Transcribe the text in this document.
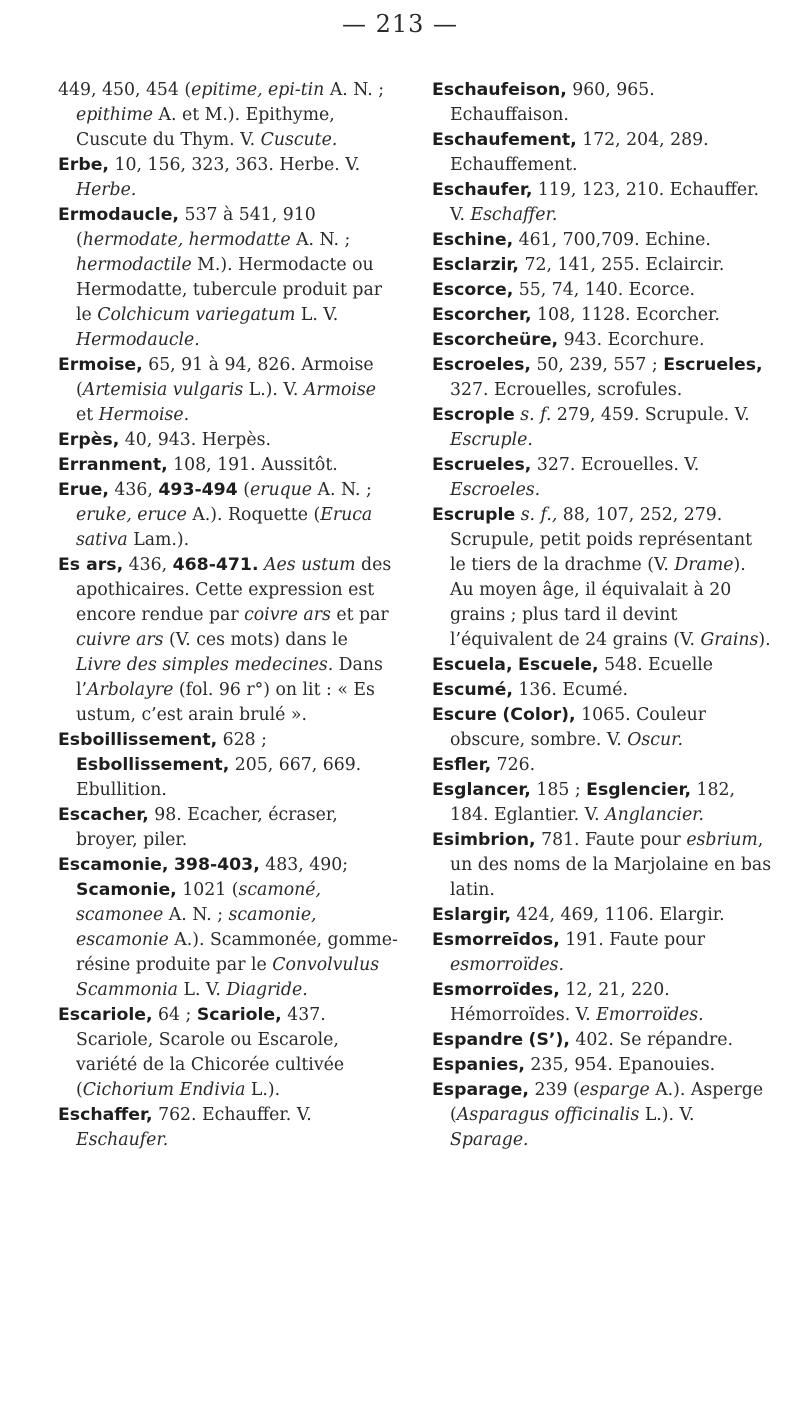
— 213 —

449, 450, 454 (epitime, epi-tin A. N. ; epithime A. et M.). Epithyme, Cuscute du Thym. V. Cuscute.

Erbe, 10, 156, 323, 363. Herbe. V. Herbe.

Ermodaucle, 537 à 541, 910 (hermodate, hermodatte A. N. ; hermodactile M.). Hermodacte ou Hermodatte, tubercule produit par le Colchicum variegatum L. V. Hermodaucle.

Ermoise, 65, 91 à 94, 826. Armoise (Artemisia vulgaris L.). V. Armoise et Hermoise.

Erpès, 40, 943. Herpès.

Erranment, 108, 191. Aussitôt.

Erue, 436, 493-494 (eruque A. N. ; eruke, eruce A.). Roquette (Eruca sativa Lam.).

Es ars, 436, 468-471. Aes ustum des apothicaires. Cette expression est encore rendue par coivre ars et par cuivre ars (V. ces mots) dans le Livre des simples medecines. Dans l’Arbolayre (fol. 96 r°) on lit : « Es ustum, c’est arain brulé ».

Esboillissement, 628 ; Esbollissement, 205, 667, 669. Ebullition.

Escacher, 98. Ecacher, écraser, broyer, piler.

Escamonie, 398-403, 483, 490; Scamonie, 1021 (scamoné, scamonee A. N. ; scamonie, escamonie A.). Scammonée, gomme-résine produite par le Convolvulus Scammonia L. V. Diagride.

Escariole, 64 ; Scariole, 437. Scariole, Scarole ou Escarole, variété de la Chicorée cultivée (Cichorium Endivia L.).

Eschaffer, 762. Echauffer. V. Eschaufer.

Eschaufeison, 960, 965. Echauffaison.

Eschaufement, 172, 204, 289. Echauffement.

Eschaufer, 119, 123, 210. Echauffer. V. Eschaffer.

Eschine, 461, 700,709. Echine.

Esclarzir, 72, 141, 255. Eclaircir.

Escorce, 55, 74, 140. Ecorce.

Escorcher, 108, 1128. Ecorcher.

Escorcheüre, 943. Ecorchure.

Escroeles, 50, 239, 557 ; Escrueles, 327. Ecrouelles, scrofules.

Escrople s. f. 279, 459. Scrupule. V. Escruple.

Escrueles, 327. Ecrouelles. V. Escroeles.

Escruple s. f., 88, 107, 252, 279. Scrupule, petit poids représentant le tiers de la drachme (V. Drame). Au moyen âge, il équivalait à 20 grains ; plus tard il devint l’équivalent de 24 grains (V. Grains).

Escuela, Escuele, 548. Ecuelle

Escumé, 136. Ecumé.

Escure (Color), 1065. Couleur obscure, sombre. V. Oscur.

Esfler, 726.

Esglancer, 185 ; Esglencier, 182, 184. Eglantier. V. Anglancier.

Esimbrion, 781. Faute pour esbrium, un des noms de la Marjolaine en bas latin.

Eslargir, 424, 469, 1106. Elargir.

Esmorreīdos, 191. Faute pour esmorroïdes.

Esmorroïdes, 12, 21, 220. Hémorroïdes. V. Emorroïdes.

Espandre (S’), 402. Se répandre.

Espanies, 235, 954. Epanouies.

Esparage, 239 (esparge A.). Asperge (Asparagus officinalis L.). V. Sparage.
